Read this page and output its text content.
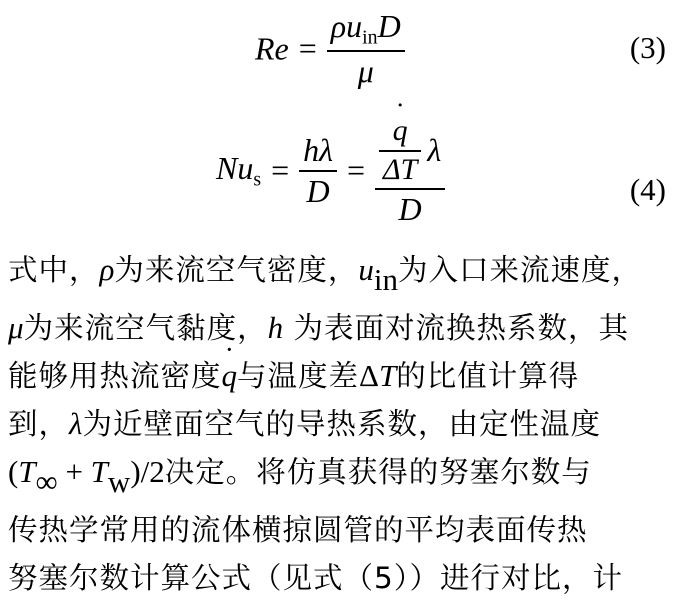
$Re = \frac{\rho u_{in}D}{\mu}$	(3)
$Nu_s = \frac{h\lambda}{D}$ =
˙ $\frac{\frac{q}{\Delta T} \lambda}{D}$	(4)
式中，ρ为来流空气密度，uin为入口来流速度，
μ为来流空气黏度，h 为表面对流换热系数，其
能够用热流密度˙ q与温度差ΔT的比值计算得
到，λ为近壁面空气的导热系数，由定性温度
(T∞ + Tw)/2决定。将仿真获得的努塞尔数与
传热学常用的流体横掠圆管的平均表面传热
努塞尔数计算公式（见式（5））进行对比，计
